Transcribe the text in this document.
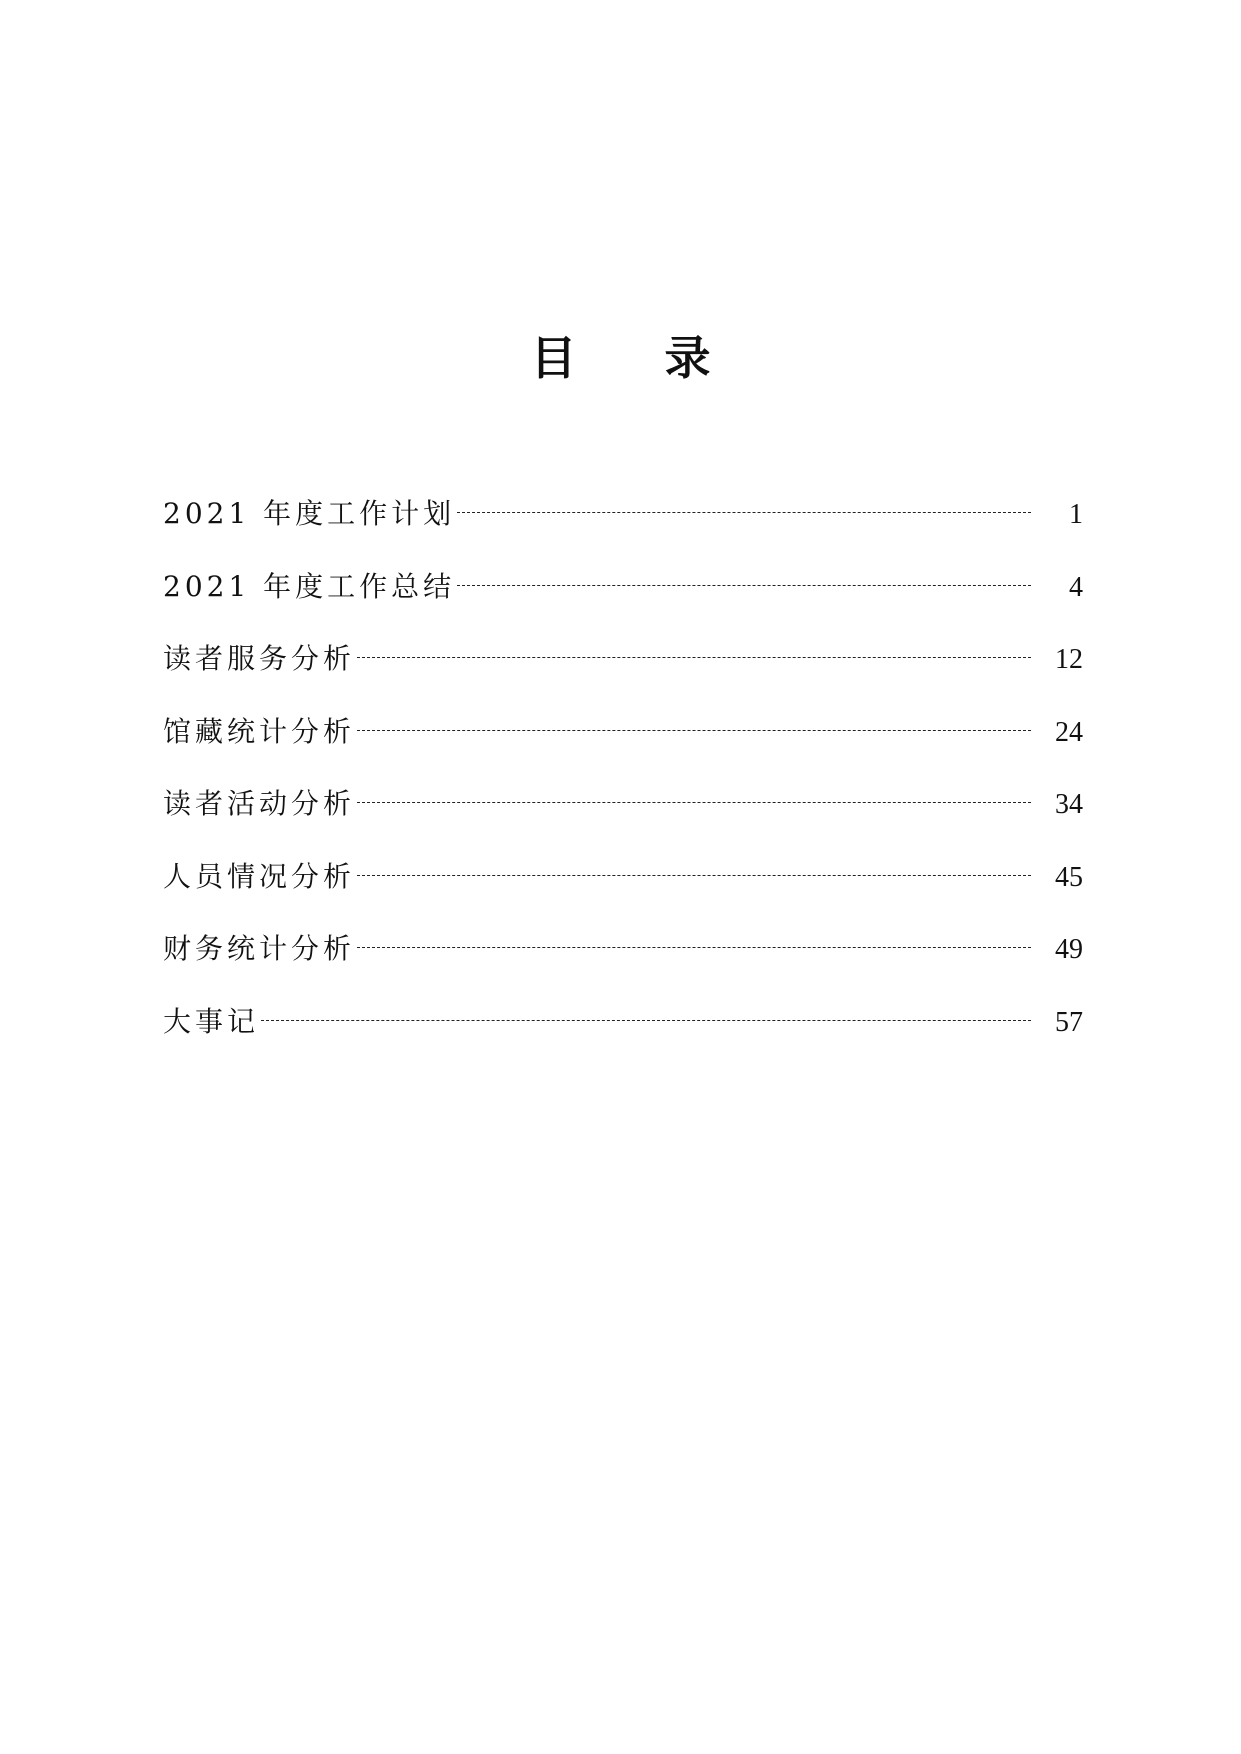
目 录
2021 年度工作计划	1
2021 年度工作总结	4
读者服务分析	12
馆藏统计分析	24
读者活动分析	34
人员情况分析	45
财务统计分析	49
大事记	57
